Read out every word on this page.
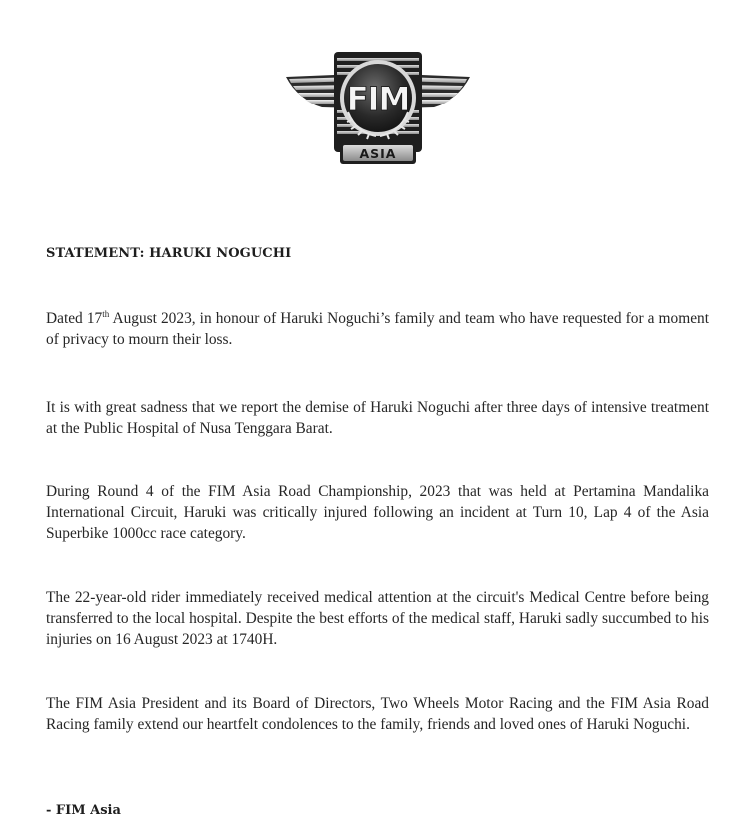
FIM
ASIA
STATEMENT: HARUKI NOGUCHI
Dated 17th August 2023, in honour of Haruki Noguchi’s family and team who have requested for a moment of privacy to mourn their loss.
It is with great sadness that we report the demise of Haruki Noguchi after three days of intensive treatment at the Public Hospital of Nusa Tenggara Barat.
During Round 4 of the FIM Asia Road Championship, 2023 that was held at Pertamina Mandalika International Circuit, Haruki was critically injured following an incident at Turn 10, Lap 4 of the Asia Superbike 1000cc race category.
The 22-year-old rider immediately received medical attention at the circuit's Medical Centre before being transferred to the local hospital. Despite the best efforts of the medical staff, Haruki sadly succumbed to his injuries on 16 August 2023 at 1740H.
The FIM Asia President and its Board of Directors, Two Wheels Motor Racing and the FIM Asia Road Racing family extend our heartfelt condolences to the family, friends and loved ones of Haruki Noguchi.
- FIM Asia
